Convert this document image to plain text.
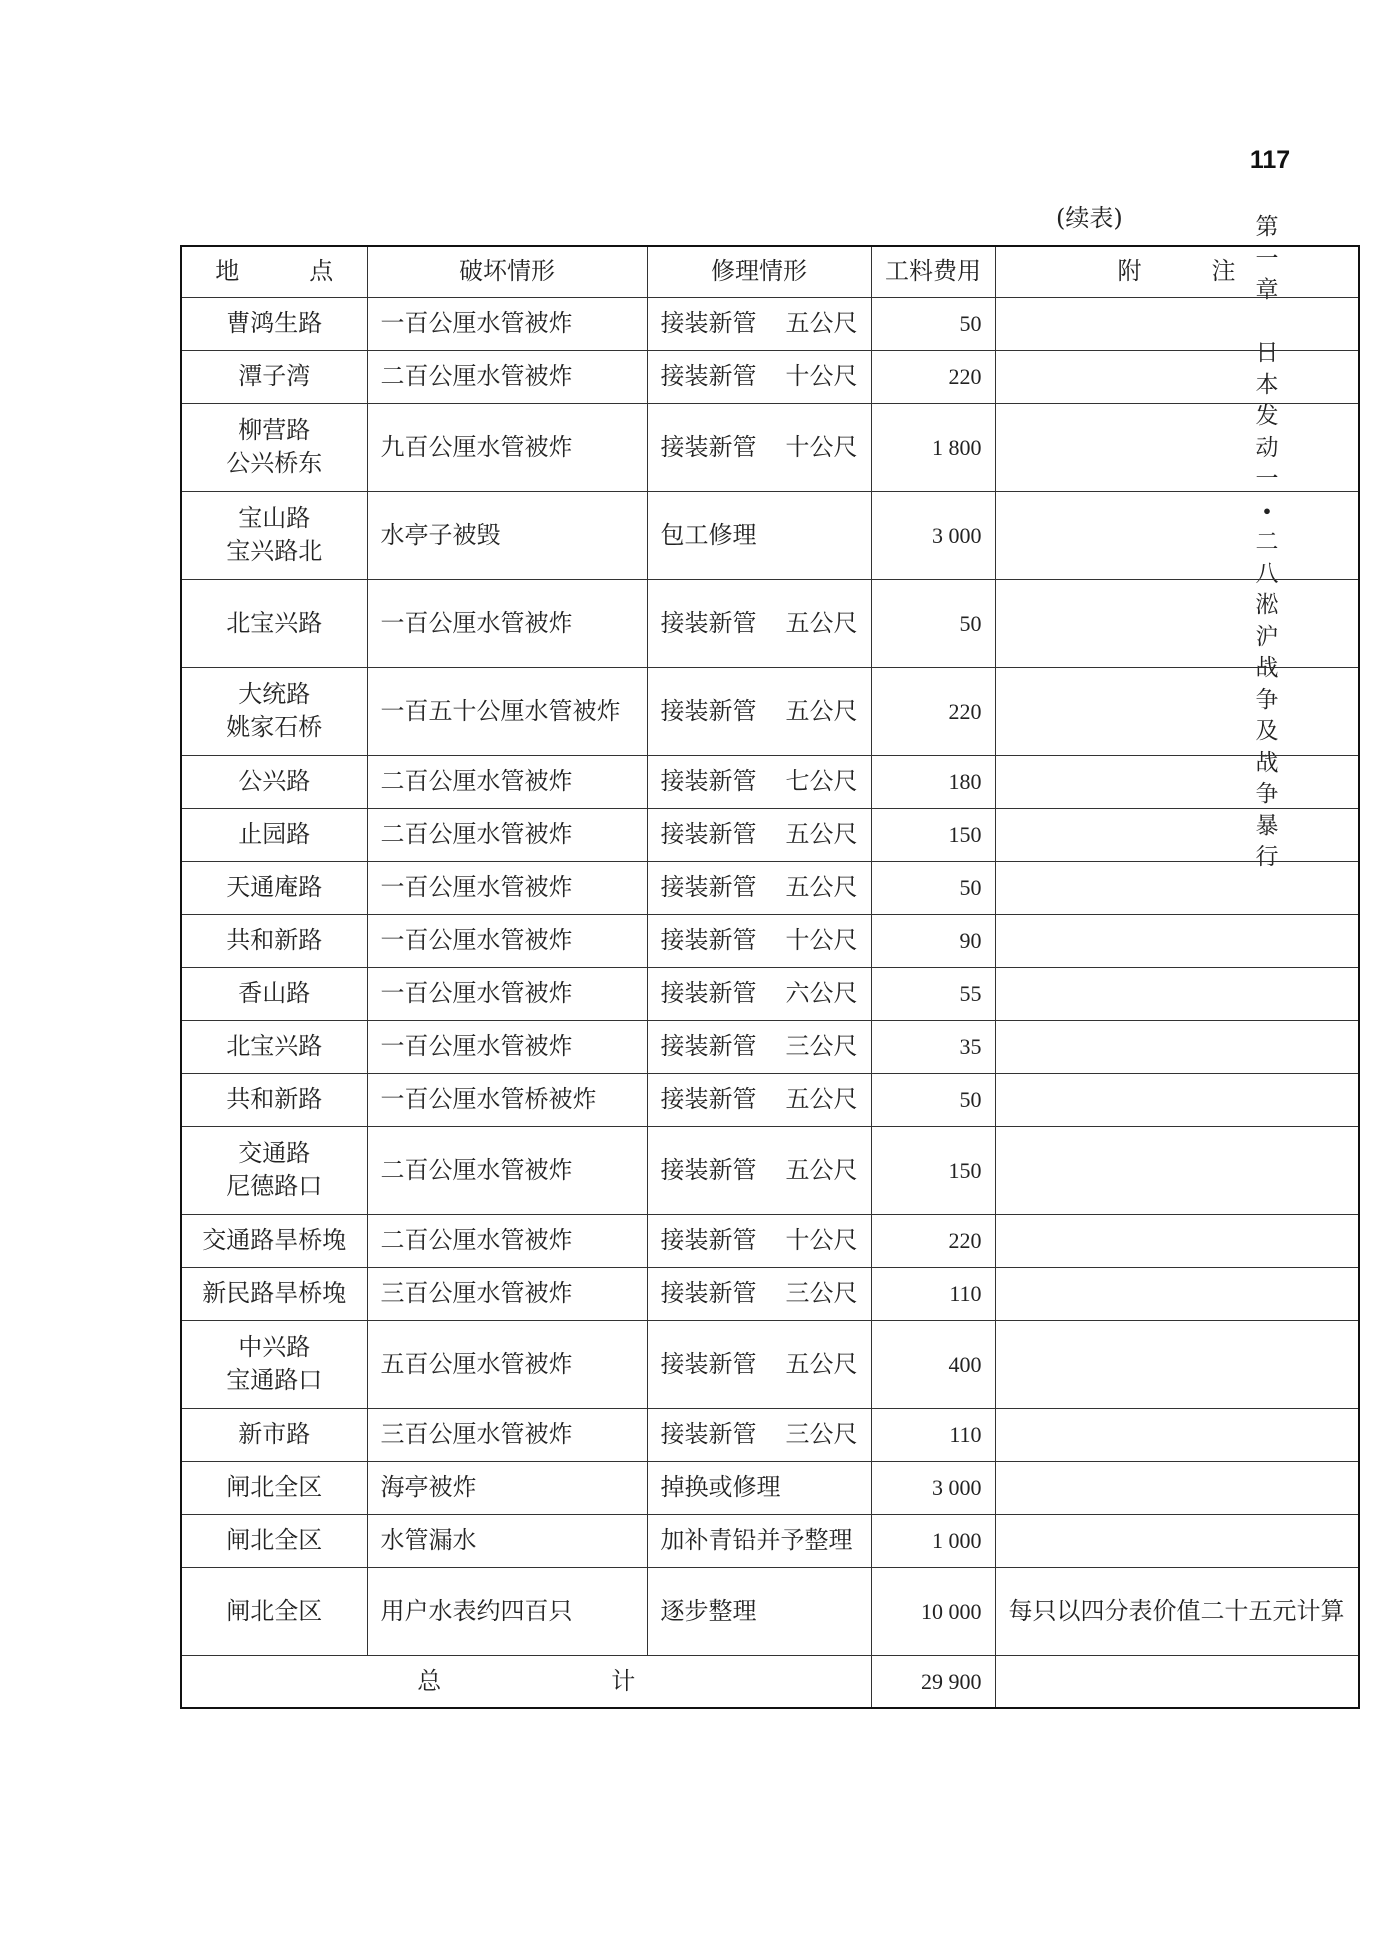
117
第
一
章
日
本
发
动
一
•
二
八
淞
沪
战
争
及
战
争
暴
行
(续表)
地 点	破坏情形	修理情形	工料费用	附 注

曹鸿生路	一百公厘水管被炸	接装新管 五公尺	50	

潭子湾	二百公厘水管被炸	接装新管 十公尺	220	

柳营路
公兴桥东	九百公厘水管被炸	接装新管 十公尺	1 800	

宝山路
宝兴路北	水亭子被毁	包工修理	3 000	

北宝兴路	一百公厘水管被炸	接装新管 五公尺	50	

大统路
姚家石桥	一百五十公厘水管被炸	接装新管 五公尺	220	

公兴路	二百公厘水管被炸	接装新管 七公尺	180	

止园路	二百公厘水管被炸	接装新管 五公尺	150	

天通庵路	一百公厘水管被炸	接装新管 五公尺	50	

共和新路	一百公厘水管被炸	接装新管 十公尺	90	

香山路	一百公厘水管被炸	接装新管 六公尺	55	

北宝兴路	一百公厘水管被炸	接装新管 三公尺	35	

共和新路	一百公厘水管桥被炸	接装新管 五公尺	50	

交通路
尼德路口	二百公厘水管被炸	接装新管 五公尺	150	

交通路旱桥堍	二百公厘水管被炸	接装新管 十公尺	220	

新民路旱桥堍	三百公厘水管被炸	接装新管 三公尺	110	

中兴路
宝通路口	五百公厘水管被炸	接装新管 五公尺	400	

新市路	三百公厘水管被炸	接装新管 三公尺	110	

闸北全区	海亭被炸	掉换或修理	3 000	

闸北全区	水管漏水	加补青铅并予整理	1 000	

闸北全区	用户水表约四百只	逐步整理	10 000	每只以四分表价值二十五元计算
总 计			29 900	
